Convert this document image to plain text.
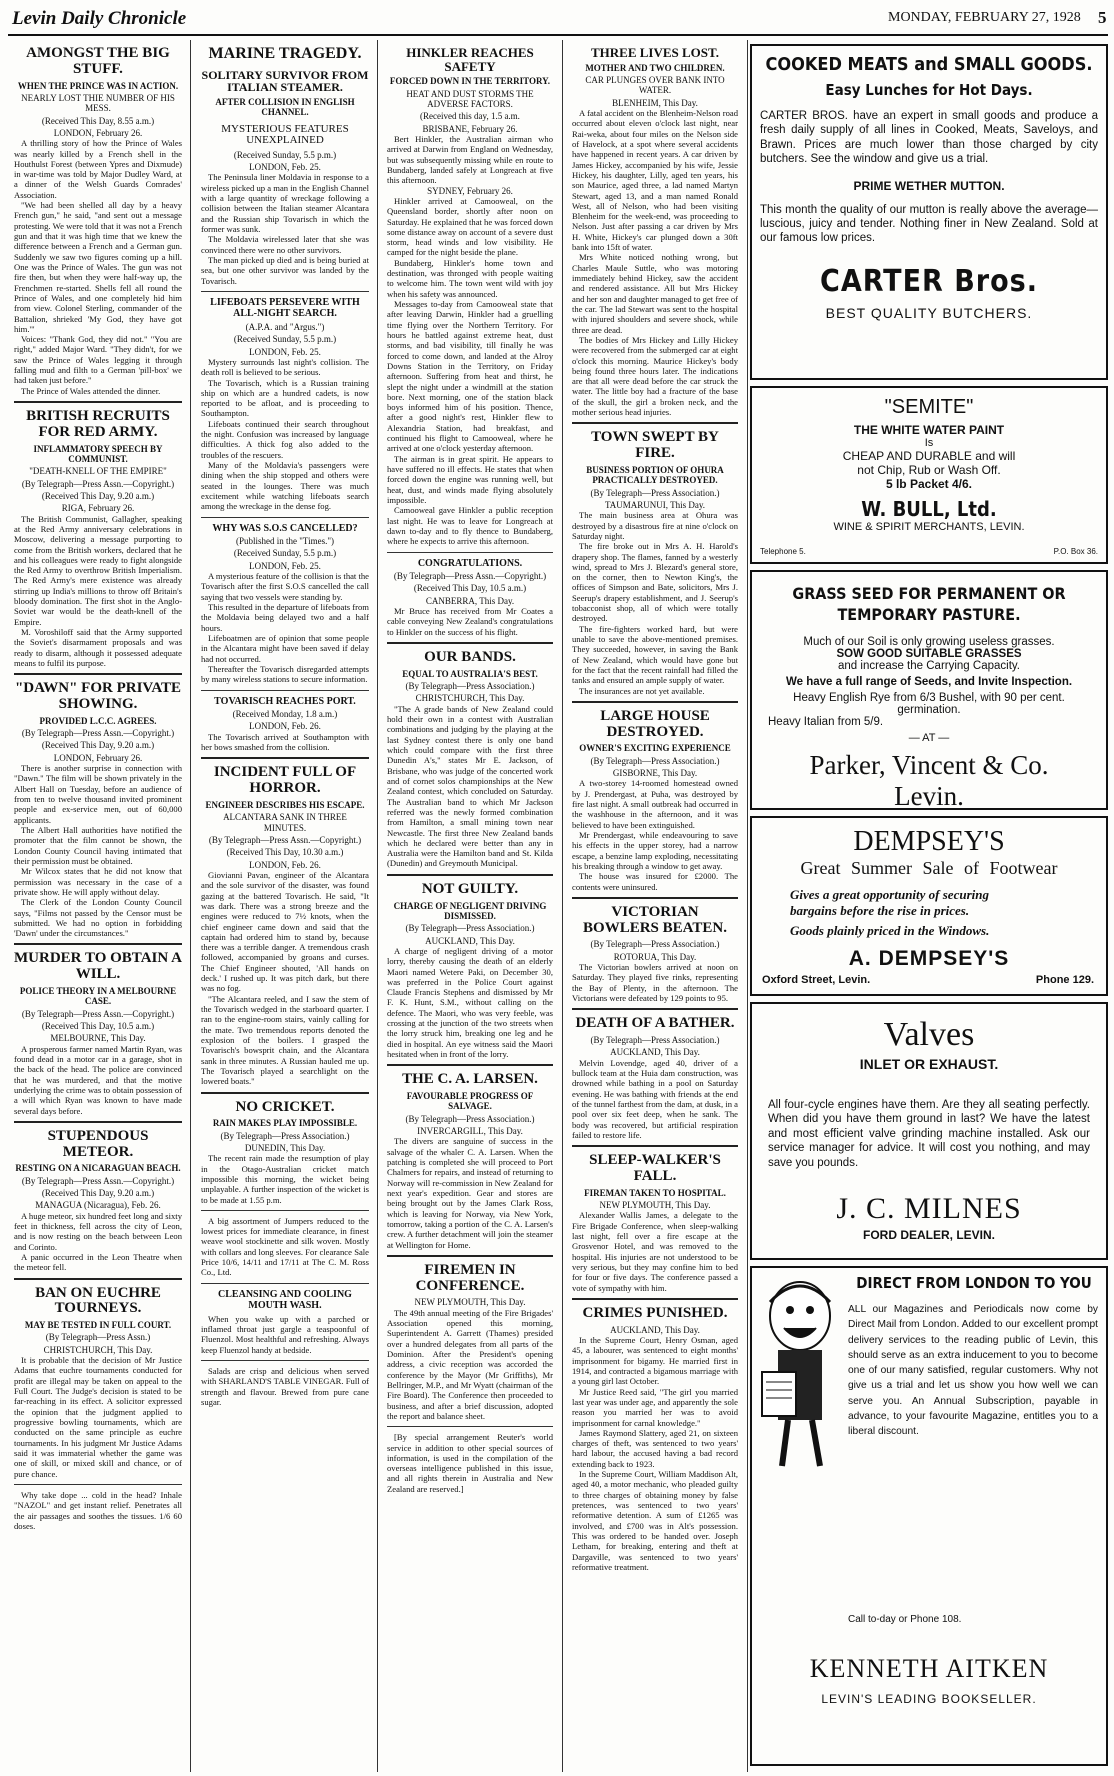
Levin Daily Chronicle	MONDAY, FEBRUARY 27, 1928 5
AMONGST THE BIG STUFF.
WHEN THE PRINCE WAS IN ACTION.
NEARLY LOST THIE NUMBER OF HIS MESS.
(Received This Day, 8.55 a.m.)
LONDON, February 26.

A thrilling story of how the Prince of Wales was nearly killed by a French shell in the Houthulst Forest (between Ypres and Dixmude) in war-time was told by Major Dudley Ward, at a dinner of the Welsh Guards Comrades' Association.

"We had been shelled all day by a heavy French gun," he said, "and sent out a message protesting. We were told that it was not a French gun and that it was high time that we knew the difference between a French and a German gun. Suddenly we saw two figures coming up a hill. One was the Prince of Wales. The gun was not fire then, but when they were half-way up, the Frenchmen re-started. Shells fell all round the Prince of Wales, and one completely hid him from view. Colonel Sterling, commander of the Battalion, shrieked 'My God, they have got him.'"

Voices: "Thank God, they did not." "You are right," added Major Ward. "They didn't, for we saw the Prince of Wales legging it through falling mud and filth to a German 'pill-box' we had taken just before."

The Prince of Wales attended the dinner.

BRITISH RECRUITS FOR RED ARMY.
INFLAMMATORY SPEECH BY COMMUNIST.
"DEATH-KNELL OF THE EMPIRE"
(By Telegraph—Press Assn.—Copyright.)
(Received This Day, 9.20 a.m.)
RIGA, February 26.

The British Communist, Gallagher, speaking at the Red Army anniversary celebrations in Moscow, delivering a message purporting to come from the British workers, declared that he and his colleagues were ready to fight alongside the Red Army to overthrow British Imperialism. The Red Army's mere existence was already stirring up India's millions to throw off Britain's bloody domination. The first shot in the Anglo-Soviet war would be the death-knell of the Empire.

M. Voroshiloff said that the Army supported the Soviet's disarmament proposals and was ready to disarm, although it possessed adequate means to fulfil its purpose.

"DAWN" FOR PRIVATE SHOWING.
PROVIDED L.C.C. AGREES.
(By Telegraph—Press Assn.—Copyright.)
(Received This Day, 9.20 a.m.)
LONDON, February 26.

There is another surprise in connection with "Dawn." The film will be shown privately in the Albert Hall on Tuesday, before an audience of from ten to twelve thousand invited prominent people and ex-service men, out of 60,000 applicants.

The Albert Hall authorities have notified the promoter that the film cannot be shown, the London County Council having intimated that their permission must be obtained.

Mr Wilcox states that he did not know that permission was necessary in the case of a private show. He will apply without delay.

The Clerk of the London County Council says, "Films not passed by the Censor must be submitted. We had no option in forbidding 'Dawn' under the circumstances."

MURDER TO OBTAIN A WILL.
POLICE THEORY IN A MELBOURNE CASE.
(By Telegraph—Press Assn.—Copyright.)
(Received This Day, 10.5 a.m.)
MELBOURNE, This Day.

A prosperous farmer named Martin Ryan, was found dead in a motor car in a garage, shot in the back of the head. The police are convinced that he was murdered, and that the motive underlying the crime was to obtain possession of a will which Ryan was known to have made several days before.

STUPENDOUS METEOR.
RESTING ON A NICARAGUAN BEACH.
(By Telegraph—Press Assn.—Copyright.)
(Received This Day, 9.20 a.m.)
MANAGUA (Nicaragua), Feb. 26.

A huge meteor, six hundred feet long and sixty feet in thickness, fell across the city of Leon, and is now resting on the beach between Leon and Corinto.

A panic occurred in the Leon Theatre when the meteor fell.

BAN ON EUCHRE TOURNEYS.
MAY BE TESTED IN FULL COURT.
(By Telegraph—Press Assn.)
CHRISTCHURCH, This Day.

It is probable that the decision of Mr Justice Adams that euchre tournaments conducted for profit are illegal may be taken on appeal to the Full Court. The Judge's decision is stated to be far-reaching in its effect. A solicitor expressed the opinion that the judgment applied to progressive bowling tournaments, which are conducted on the same principle as euchre tournaments. In his judgment Mr Justice Adams said it was immaterial whether the game was one of skill, or mixed skill and chance, or of pure chance.

Why take dope ... cold in the head? Inhale "NAZOL" and get instant relief. Penetrates all the air passages and soothes the tissues. 1/6 60 doses.

MARINE TRAGEDY.
SOLITARY SURVIVOR FROM ITALIAN STEAMER.
AFTER COLLISION IN ENGLISH CHANNEL.
MYSTERIOUS FEATURES UNEXPLAINED
(Received Sunday, 5.5 p.m.)
LONDON, Feb. 25.

The Peninsula liner Moldavia in response to a wireless picked up a man in the English Channel with a large quantity of wreckage following a collision between the Italian steamer Alcantara and the Russian ship Tovarisch in which the former was sunk.

The Moldavia wirelessed later that she was convinced there were no other survivors.

The man picked up died and is being buried at sea, but one other survivor was landed by the Tovarisch.

LIFEBOATS PERSEVERE WITH ALL-NIGHT SEARCH.
(A.P.A. and "Argus.")
(Received Sunday, 5.5 p.m.)
LONDON, Feb. 25.

Mystery surrounds last night's collision. The death roll is believed to be serious.

The Tovarisch, which is a Russian training ship on which are a hundred cadets, is now reported to be afloat, and is proceeding to Southampton.

Lifeboats continued their search throughout the night. Confusion was increased by language difficulties. A thick fog also added to the troubles of the rescuers.

Many of the Moldavia's passengers were dining when the ship stopped and others were seated in the lounges. There was much excitement while watching lifeboats search among the wreckage in the dense fog.

WHY WAS S.O.S CANCELLED?
(Published in the "Times.")
(Received Sunday, 5.5 p.m.)
LONDON, Feb. 25.

A mysterious feature of the collision is that the Tovarisch after the first S.O.S cancelled the call saying that two vessels were standing by.

This resulted in the departure of lifeboats from the Moldavia being delayed two and a half hours.

Lifeboatmen are of opinion that some people in the Alcantara might have been saved if delay had not occurred.

Thereafter the Tovarisch disregarded attempts by many wireless stations to secure information.

TOVARISCH REACHES PORT.
(Received Monday, 1.8 a.m.)
LONDON, Feb. 26.

The Tovarisch arrived at Southampton with her bows smashed from the collision.

INCIDENT FULL OF HORROR.
ENGINEER DESCRIBES HIS ESCAPE.
ALCANTARA SANK IN THREE MINUTES.
(By Telegraph—Press Assn.—Copyright.)
(Received This Day, 10.30 a.m.)
LONDON, Feb. 26.

Giovianni Pavan, engineer of the Alcantara and the sole survivor of the disaster, was found gazing at the battered Tovarisch. He said, "It was dark. There was a strong breeze and the engines were reduced to 7½ knots, when the chief engineer came down and said that the captain had ordered him to stand by, because there was a terrible danger. A tremendous crash followed, accompanied by groans and curses. The Chief Engineer shouted, 'All hands on deck.' I rushed up. It was pitch dark, but there was no fog.

"The Alcantara reeled, and I saw the stem of the Tovarisch wedged in the starboard quarter. I ran to the engine-room stairs, vainly calling for the mate. Two tremendous reports denoted the explosion of the boilers. I grasped the Tovarisch's bowsprit chain, and the Alcantara sank in three minutes. A Russian hauled me up. The Tovarisch played a searchlight on the lowered boats."

NO CRICKET.
RAIN MAKES PLAY IMPOSSIBLE.
(By Telegraph—Press Association.)
DUNEDIN, This Day.

The recent rain made the resumption of play in the Otago-Australian cricket match impossible this morning, the wicket being unplayable. A further inspection of the wicket is to be made at 1.55 p.m.

A big assortment of Jumpers reduced to the lowest prices for immediate clearance, in finest weave wool stockinette and silk woven. Mostly with collars and long sleeves. For clearance Sale Price 10/6, 14/11 and 17/11 at The C. M. Ross Co., Ltd.

CLEANSING AND COOLING MOUTH WASH.

When you wake up with a parched or inflamed throat just gargle a teaspoonful of Fluenzol. Most healthful and refreshing. Always keep Fluenzol handy at bedside.

Salads are crisp and delicious when served with SHARLAND'S TABLE VINEGAR. Full of strength and flavour. Brewed from pure cane sugar.

HINKLER REACHES SAFETY
FORCED DOWN IN THE TERRITORY.
HEAT AND DUST STORMS THE ADVERSE FACTORS.
(Received this day, 1.5 a.m.
BRISBANE, February 26.

Bert Hinkler, the Australian airman who arrived at Darwin from England on Wednesday, but was subsequently missing while en route to Bundaberg, landed safely at Longreach at five this afternoon.

SYDNEY, February 26.

Hinkler arrived at Camooweal, on the Queensland border, shortly after noon on Saturday. He explained that he was forced down some distance away on account of a severe dust storm, head winds and low visibility. He camped for the night beside the plane.

Bundaberg, Hinkler's home town and destination, was thronged with people waiting to welcome him. The town went wild with joy when his safety was announced.

Messages to-day from Camooweal state that after leaving Darwin, Hinkler had a gruelling time flying over the Northern Territory. For hours he battled against extreme heat, dust storms, and bad visibility, till finally he was forced to come down, and landed at the Alroy Downs Station in the Territory, on Friday afternoon. Suffering from heat and thirst, he slept the night under a windmill at the station bore. Next morning, one of the station black boys informed him of his position. Thence, after a good night's rest, Hinkler flew to Alexandria Station, had breakfast, and continued his flight to Camooweal, where he arrived at one o'clock yesterday afternoon.

The airman is in great spirit. He appears to have suffered no ill effects. He states that when forced down the engine was running well, but heat, dust, and winds made flying absolutely impossible.

Camooweal gave Hinkler a public reception last night. He was to leave for Longreach at dawn to-day and to fly thence to Bundaberg, where he expects to arrive this afternoon.

CONGRATULATIONS.
(By Telegraph—Press Assn.—Copyright.)
(Received This Day, 10.5 a.m.)
CANBERRA, This Day.

Mr Bruce has received from Mr Coates a cable conveying New Zealand's congratulations to Hinkler on the success of his flight.

OUR BANDS.
EQUAL TO AUSTRALIA'S BEST.
(By Telegraph—Press Association.)
CHRISTCHURCH, This Day.

"The A grade bands of New Zealand could hold their own in a contest with Australian combinations and judging by the playing at the last Sydney contest there is only one band which could compare with the first three Dunedin A's," states Mr E. Jackson, of Brisbane, who was judge of the concerted work and of cornet solos championships at the New Zealand contest, which concluded on Saturday. The Australian band to which Mr Jackson referred was the newly formed combination from Hamilton, a small mining town near Newcastle. The first three New Zealand bands which he declared were better than any in Australia were the Hamilton band and St. Kilda (Dunedin) and Greymouth Municipal.

NOT GUILTY.
CHARGE OF NEGLIGENT DRIVING DISMISSED.
(By Telegraph—Press Association.)
AUCKLAND, This Day.

A charge of negligent driving of a motor lorry, thereby causing the death of an elderly Maori named Wetere Paki, on December 30, was preferred in the Police Court against Claude Francis Stephens and dismissed by Mr F. K. Hunt, S.M., without calling on the defence. The Maori, who was very feeble, was crossing at the junction of the two streets when the lorry struck him, breaking one leg and he died in hospital. An eye witness said the Maori hesitated when in front of the lorry.

THE C. A. LARSEN.
FAVOURABLE PROGRESS OF SALVAGE.
(By Telegraph—Press Association.)
INVERCARGILL, This Day.

The divers are sanguine of success in the salvage of the whaler C. A. Larsen. When the patching is completed she will proceed to Port Chalmers for repairs, and instead of returning to Norway will re-commission in New Zealand for next year's expedition. Gear and stores are being brought out by the James Clark Ross, which is leaving for Norway, via New York, tomorrow, taking a portion of the C. A. Larsen's crew. A further detachment will join the steamer at Wellington for Home.

FIREMEN IN CONFERENCE.
NEW PLYMOUTH, This Day.

The 49th annual meeting of the Fire Brigades' Association opened this morning, Superintendent A. Garrett (Thames) presided over a hundred delegates from all parts of the Dominion. After the President's opening address, a civic reception was accorded the conference by the Mayor (Mr Griffiths), Mr Bellringer, M.P., and Mr Wyatt (chairman of the Fire Board). The Conference then proceeded to business, and after a brief discussion, adopted the report and balance sheet.

[By special arrangement Reuter's world service in addition to other special sources of information, is used in the compilation of the overseas intelligence published in this issue, and all rights therein in Australia and New Zealand are reserved.]

THREE LIVES LOST.
MOTHER AND TWO CHILDREN.
CAR PLUNGES OVER BANK INTO WATER.
BLENHEIM, This Day.

A fatal accident on the Blenheim-Nelson road occurred about eleven o'clock last night, near Rai-weka, about four miles on the Nelson side of Havelock, at a spot where several accidents have happened in recent years. A car driven by James Hickey, accompanied by his wife, Jessie Hickey, his daughter, Lilly, aged ten years, his son Maurice, aged three, a lad named Martyn Stewart, aged 13, and a man named Ronald West, all of Nelson, who had been visiting Blenheim for the week-end, was proceeding to Nelson. Just after passing a car driven by Mrs H. White, Hickey's car plunged down a 30ft bank into 15ft of water.

Mrs White noticed nothing wrong, but Charles Maule Suttle, who was motoring immediately behind Hickey, saw the accident and rendered assistance. All but Mrs Hickey and her son and daughter managed to get free of the car. The lad Stewart was sent to the hospital with injured shoulders and severe shock, while three are dead.

The bodies of Mrs Hickey and Lilly Hickey were recovered from the submerged car at eight o'clock this morning. Maurice Hickey's body being found three hours later. The indications are that all were dead before the car struck the water. The little boy had a fracture of the base of the skull, the girl a broken neck, and the mother serious head injuries.

TOWN SWEPT BY FIRE.
BUSINESS PORTION OF OHURA PRACTICALLY DESTROYED.
(By Telegraph—Press Association.)
TAUMARUNUI, This Day.

The main business area at Ohura was destroyed by a disastrous fire at nine o'clock on Saturday night.

The fire broke out in Mrs A. H. Harold's drapery shop. The flames, fanned by a westerly wind, spread to Mrs J. Blezard's general store, on the corner, then to Newton King's, the offices of Simpson and Bate, solicitors, Mrs J. Seerup's drapery establishment, and J. Seerup's tobacconist shop, all of which were totally destroyed.

The fire-fighters worked hard, but were unable to save the above-mentioned premises. They succeeded, however, in saving the Bank of New Zealand, which would have gone but for the fact that the recent rainfall had filled the tanks and ensured an ample supply of water.

The insurances are not yet available.

LARGE HOUSE DESTROYED.
OWNER'S EXCITING EXPERIENCE
(By Telegraph—Press Association.)
GISBORNE, This Day.

A two-storey 14-roomed homestead owned by J. Prendergast, at Puha, was destroyed by fire last night. A small outbreak had occurred in the washhouse in the afternoon, and it was believed to have been extinguished.

Mr Prendergast, while endeavouring to save his effects in the upper storey, had a narrow escape, a benzine lamp exploding, necessitating his breaking through a window to get away.

The house was insured for £2000. The contents were uninsured.

VICTORIAN BOWLERS BEATEN.
(By Telegraph—Press Association.)
ROTORUA, This Day.

The Victorian bowlers arrived at noon on Saturday. They played five rinks, representing the Bay of Plenty, in the afternoon. The Victorians were defeated by 129 points to 95.

DEATH OF A BATHER.
(By Telegraph—Press Association.)
AUCKLAND, This Day.

Melvin Lovendge, aged 40, driver of a bullock team at the Huia dam construction, was drowned while bathing in a pool on Saturday evening. He was bathing with friends at the end of the tunnel farthest from the dam, at dusk, in a pool over six feet deep, when he sank. The body was recovered, but artificial respiration failed to restore life.

SLEEP-WALKER'S FALL.
FIREMAN TAKEN TO HOSPITAL.
NEW PLYMOUTH, This Day.

Alexander Wallis James, a delegate to the Fire Brigade Conference, when sleep-walking last night, fell over a fire escape at the Grosvenor Hotel, and was removed to the hospital. His injuries are not understood to be very serious, but they may confine him to bed for four or five days. The conference passed a vote of sympathy with him.

CRIMES PUNISHED.
AUCKLAND, This Day.

In the Supreme Court, Henry Osman, aged 45, a labourer, was sentenced to eight months' imprisonment for bigamy. He married first in 1914, and contracted a bigamous marriage with a young girl last October.

Mr Justice Reed said, "The girl you married last year was under age, and apparently the sole reason you married her was to avoid imprisonment for carnal knowledge."

James Raymond Slattery, aged 21, on sixteen charges of theft, was sentenced to two years' hard labour, the accused having a bad record extending back to 1923.

In the Supreme Court, William Maddison Alt, aged 40, a motor mechanic, who pleaded guilty to three charges of obtaining money by false pretences, was sentenced to two years' reformative detention. A sum of £1265 was involved, and £700 was in Alt's possession. This was ordered to be handed over. Joseph Letham, for breaking, entering and theft at Dargaville, was sentenced to two years' reformative treatment.

COOKED MEATS and SMALL GOODS.
Easy Lunches for Hot Days.

CARTER BROS. have an expert in small goods and produce a fresh daily supply of all lines in Cooked, Meats, Saveloys, and Brawn. Prices are much lower than those charged by city butchers. See the window and give us a trial.

PRIME WETHER MUTTON.

This month the quality of our mutton is really above the average—luscious, juicy and tender. Nothing finer in New Zealand. Sold at our famous low prices.

CARTER Bros.
BEST QUALITY BUTCHERS.
"SEMITE"
THE WHITE WATER PAINT
Is
CHEAP AND DURABLE and will
not Chip, Rub or Wash Off.
5 lb Packet 4/6.
W. BULL, Ltd.
WINE & SPIRIT MERCHANTS, LEVIN.
Telephone 5.	P.O. Box 36.
GRASS SEED FOR PERMANENT OR TEMPORARY PASTURE.
Much of our Soil is only growing useless grasses.
SOW GOOD SUITABLE GRASSES
and increase the Carrying Capacity.
We have a full range of Seeds, and Invite Inspection.
Heavy English Rye from 6/3 Bushel, with 90 per cent. germination.
Heavy Italian from 5/9.
— AT —
Parker, Vincent & Co.
Levin.
DEMPSEY'S
Great Summer Sale of Footwear
Gives a great opportunity of securing
bargains before the rise in prices.
Goods plainly priced in the Windows.
A. DEMPSEY'S
Oxford Street, Levin.	Phone 129.
Valves
INLET OR EXHAUST.

All four-cycle engines have them. Are they all seating perfectly. When did you have them ground in last? We have the latest and most efficient valve grinding machine installed. Ask our service manager for advice. It will cost you nothing, and may save you pounds.

J. C. MILNES
FORD DEALER, LEVIN.
DIRECT FROM LONDON TO YOU

ALL our Magazines and Periodicals now come by Direct Mail from London. Added to our excellent prompt delivery services to the reading public of Levin, this should serve as an extra inducement to you to become one of our many satisfied, regular customers. Why not give us a trial and let us show you how well we can serve you. An Annual Subscription, payable in advance, to your favourite Magazine, entitles you to a liberal discount.

Call to-day or Phone 108.
KENNETH AITKEN
LEVIN'S LEADING BOOKSELLER.
